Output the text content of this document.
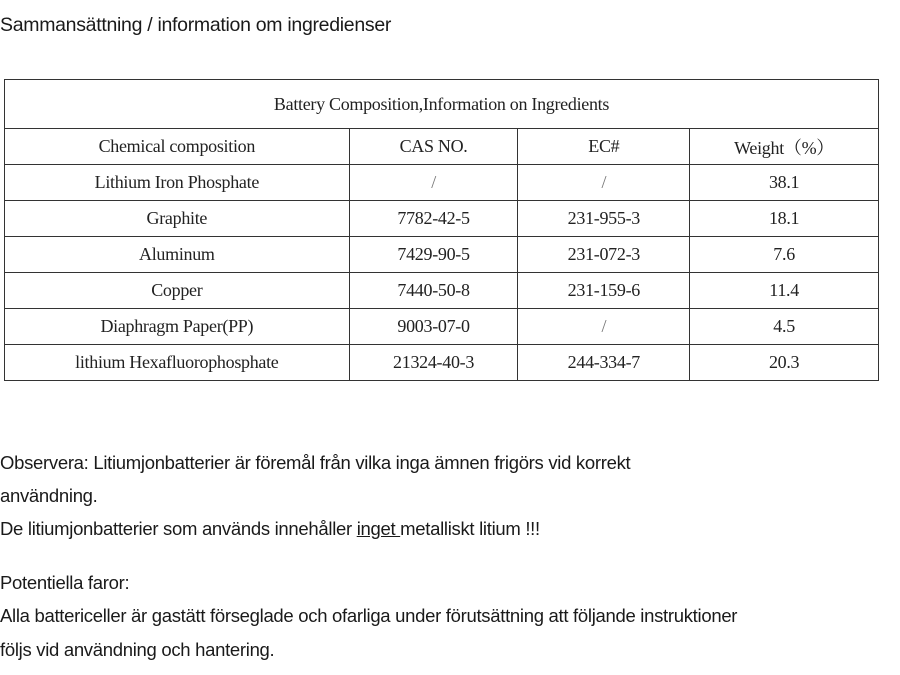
Sammansättning / information om ingredienser
Battery Composition,Information on Ingredients			
Chemical composition	CAS NO.	EC#	Weight（%）
Lithium Iron Phosphate	/	/	38.1
Graphite	7782-42-5	231-955-3	18.1
Aluminum	7429-90-5	231-072-3	7.6
Copper	7440-50-8	231-159-6	11.4
Diaphragm Paper(PP)	9003-07-0	/	4.5
lithium Hexafluorophosphate	21324-40-3	244-334-7	20.3
Observera: Litiumjonbatterier är föremål från vilka inga ämnen frigörs vid korrekt
användning.
De litiumjonbatterier som används innehåller inget metalliskt litium !!!
Potentiella faror:
Alla battericeller är gastätt förseglade och ofarliga under förutsättning att följande instruktioner
följs vid användning och hantering.
